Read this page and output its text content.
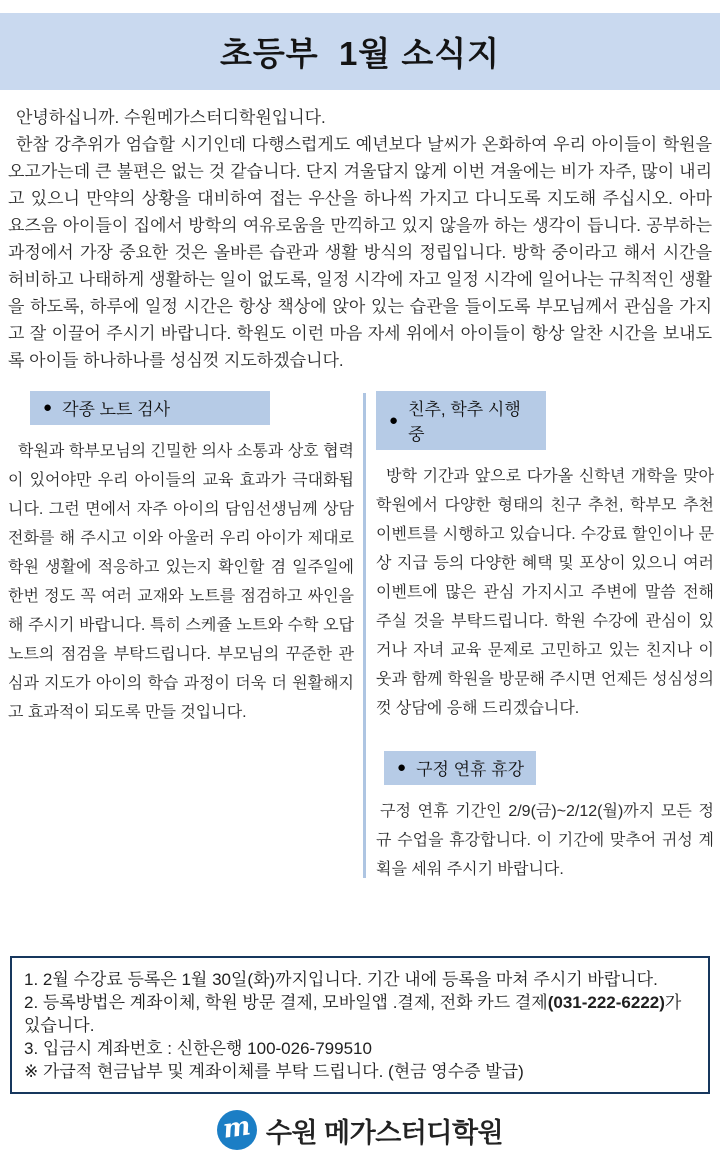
초등부  1월 소식지

안녕하십니까. 수원메가스터디학원입니다.

한참 강추위가 엄습할 시기인데 다행스럽게도 예년보다 날씨가 온화하여 우리 아이들이 학원을 오고가는데 큰 불편은 없는 것 같습니다. 단지 겨울답지 않게 이번 겨울에는 비가 자주, 많이 내리고 있으니 만약의 상황을 대비하여 접는 우산을 하나씩 가지고 다니도록 지도해 주십시오. 아마 요즈음 아이들이 집에서 방학의 여유로움을 만끽하고 있지 않을까 하는 생각이 듭니다. 공부하는 과정에서 가장 중요한 것은 올바른 습관과 생활 방식의 정립입니다. 방학 중이라고 해서 시간을 허비하고 나태하게 생활하는 일이 없도록, 일정 시각에 자고 일정 시각에 일어나는 규칙적인 생활을 하도록, 하루에 일정 시간은 항상 책상에 앉아 있는 습관을 들이도록 부모님께서 관심을 가지고 잘 이끌어 주시기 바랍니다. 학원도 이런 마음 자세 위에서 아이들이 항상 알찬 시간을 보내도록 아이들 하나하나를 성심껏 지도하겠습니다.

● 각종 노트 검사

학원과 학부모님의 긴밀한 의사 소통과 상호 협력이 있어야만 우리 아이들의 교육 효과가 극대화됩니다. 그런 면에서 자주 아이의 담임선생님께 상담 전화를 해 주시고 이와 아울러 우리 아이가 제대로 학원 생활에 적응하고 있는지 확인할 겸 일주일에 한번 정도 꼭 여러 교재와 노트를 점검하고 싸인을 해 주시기 바랍니다. 특히 스케쥴 노트와 수학 오답 노트의 점검을 부탁드립니다. 부모님의 꾸준한 관심과 지도가 아이의 학습 과정이 더욱 더 원활해지고 효과적이 되도록 만들 것입니다.

●
친추, 학추 시행 중

방학 기간과 앞으로 다가올 신학년 개학을 맞아 학원에서 다양한 형태의 친구 추천, 학부모 추천 이벤트를 시행하고 있습니다. 수강료 할인이나 문상 지급 등의 다양한 혜택 및 포상이 있으니 여러 이벤트에 많은 관심 가지시고 주변에 말씀 전해 주실 것을 부탁드립니다. 학원 수강에 관심이 있거나 자녀 교육 문제로 고민하고 있는 친지나 이웃과 함께 학원을 방문해 주시면 언제든 성심성의껏 상담에 응해 드리겠습니다.

● 구정 연휴 휴강

구정 연휴 기간인 2/9(금)~2/12(월)까지 모든 정규 수업을 휴강합니다. 이 기간에 맞추어 귀성 계획을 세워 주시기 바랍니다.

1. 2월 수강료 등록은 1월 30일(화)까지입니다. 기간 내에 등록을 마쳐 주시기 바랍니다.

2. 등록방법은 계좌이체, 학원 방문 결제, 모바일앱 .결제, 전화 카드 결제(031-222-6222)가 있습니다.

3. 입금시 계좌번호 : 신한은행 100-026-799510

※ 가급적 현금납부 및 계좌이체를 부탁 드립니다. (현금 영수증 발급)

m 수원 메가스터디학원
